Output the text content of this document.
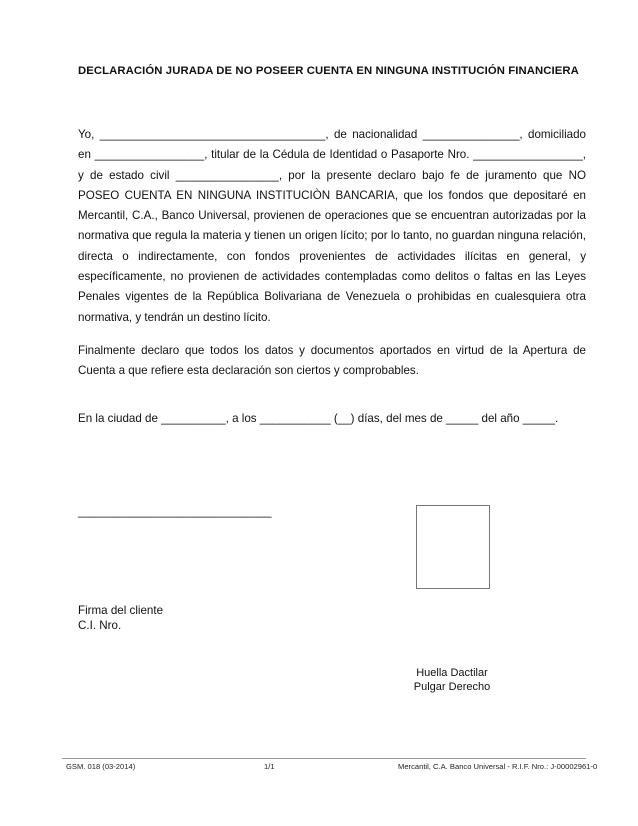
DECLARACIÓN JURADA DE NO POSEER CUENTA EN NINGUNA INSTITUCIÓN FINANCIERA
Yo, ___________________________________, de nacionalidad _______________, domiciliado en _________________, titular de la Cédula de Identidad o Pasaporte Nro. _________________, y de estado civil ________________, por la presente declaro bajo fe de juramento que NO POSEO CUENTA EN NINGUNA INSTITUCIÒN BANCARIA, que los fondos que depositaré en Mercantil, C.A., Banco Universal, provienen de operaciones que se encuentran autorizadas por la normativa que regula la materia y tienen un origen lícito; por lo tanto, no guardan ninguna relación, directa o indirectamente, con fondos provenientes de actividades ilícitas en general, y específicamente, no provienen de actividades contempladas como delitos o faltas en las Leyes Penales vigentes de la República Bolivariana de Venezuela o prohibidas en cualesquiera otra normativa, y tendrán un destino lícito.
Finalmente declaro que todos los datos y documentos aportados en virtud de la Apertura de Cuenta a que refiere esta declaración son ciertos y comprobables.
En la ciudad de __________, a los ___________ (__) días, del mes de _____ del año _____.
______________________________
Firma del cliente
C.I. Nro.
Huella Dactilar
Pulgar Derecho
GSM. 018 (03-2014)	1/1	Mercantil, C.A. Banco Universal - R.I.F. Nro.: J-00002961-0
